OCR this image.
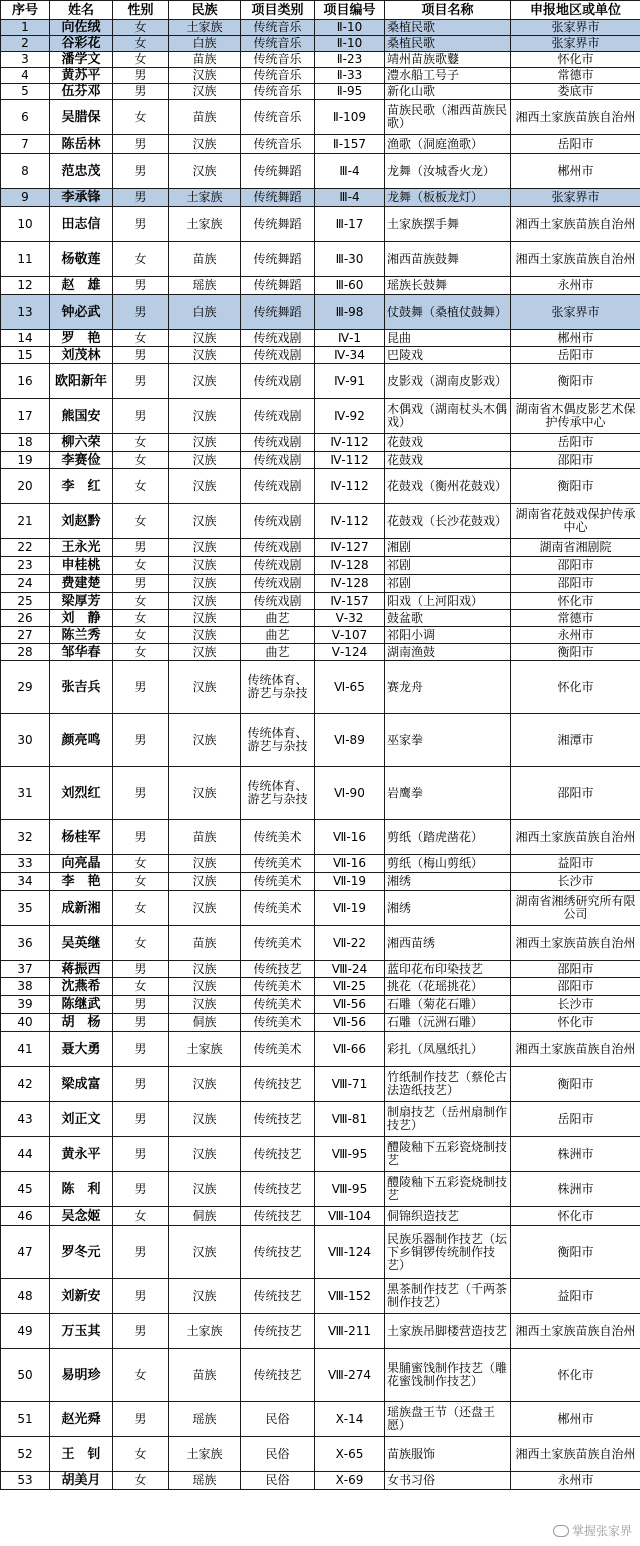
序号	姓名	性别	民族	项目类别	项目编号	项目名称	申报地区或单位
1	向佐绒	女	土家族	传统音乐	Ⅱ-10	桑植民歌	张家界市
2	谷彩花	女	白族	传统音乐	Ⅱ-10	桑植民歌	张家界市
3	潘学文	女	苗族	传统音乐	Ⅱ-23	靖州苗族歌鼟	怀化市
4	黄苏平	男	汉族	传统音乐	Ⅱ-33	澧水船工号子	常德市
5	伍芬邓	男	汉族	传统音乐	Ⅱ-95	新化山歌	娄底市
6	吴腊保	女	苗族	传统音乐	Ⅱ-109	苗族民歌（湘西苗族民歌）	湘西土家族苗族自治州
7	陈岳林	男	汉族	传统音乐	Ⅱ-157	渔歌（洞庭渔歌）	岳阳市
8	范忠茂	男	汉族	传统舞蹈	Ⅲ-4	龙舞（汝城香火龙）	郴州市
9	李承锋	男	土家族	传统舞蹈	Ⅲ-4	龙舞（板板龙灯）	张家界市
10	田志信	男	土家族	传统舞蹈	Ⅲ-17	土家族摆手舞	湘西土家族苗族自治州
11	杨敬莲	女	苗族	传统舞蹈	Ⅲ-30	湘西苗族鼓舞	湘西土家族苗族自治州
12	赵　雄	男	瑶族	传统舞蹈	Ⅲ-60	瑶族长鼓舞	永州市
13	钟必武	男	白族	传统舞蹈	Ⅲ-98	仗鼓舞（桑植仗鼓舞）	张家界市
14	罗　艳	女	汉族	传统戏剧	Ⅳ-1	昆曲	郴州市
15	刘茂林	男	汉族	传统戏剧	Ⅳ-34	巴陵戏	岳阳市
16	欧阳新年	男	汉族	传统戏剧	Ⅳ-91	皮影戏（湖南皮影戏）	衡阳市
17	熊国安	男	汉族	传统戏剧	Ⅳ-92	木偶戏（湖南杖头木偶戏）	湖南省木偶皮影艺术保护传承中心
18	柳六荣	女	汉族	传统戏剧	Ⅳ-112	花鼓戏	岳阳市
19	李赛俭	女	汉族	传统戏剧	Ⅳ-112	花鼓戏	邵阳市
20	李　红	女	汉族	传统戏剧	Ⅳ-112	花鼓戏（衡州花鼓戏）	衡阳市
21	刘赵黔	女	汉族	传统戏剧	Ⅳ-112	花鼓戏（长沙花鼓戏）	湖南省花鼓戏保护传承中心
22	王永光	男	汉族	传统戏剧	Ⅳ-127	湘剧	湖南省湘剧院
23	申桂桃	女	汉族	传统戏剧	Ⅳ-128	祁剧	邵阳市
24	费建楚	男	汉族	传统戏剧	Ⅳ-128	祁剧	邵阳市
25	梁厚芳	女	汉族	传统戏剧	Ⅳ-157	阳戏（上河阳戏）	怀化市
26	刘　静	女	汉族	曲艺	Ⅴ-32	鼓盆歌	常德市
27	陈兰秀	女	汉族	曲艺	Ⅴ-107	祁阳小调	永州市
28	邹华春	女	汉族	曲艺	Ⅴ-124	湖南渔鼓	衡阳市
29	张吉兵	男	汉族	传统体育、游艺与杂技	Ⅵ-65	赛龙舟	怀化市
30	颜亮鸣	男	汉族	传统体育、游艺与杂技	Ⅵ-89	巫家拳	湘潭市
31	刘烈红	男	汉族	传统体育、游艺与杂技	Ⅵ-90	岩鹰拳	邵阳市
32	杨桂军	男	苗族	传统美术	Ⅶ-16	剪纸（踏虎凿花）	湘西土家族苗族自治州
33	向亮晶	女	汉族	传统美术	Ⅶ-16	剪纸（梅山剪纸）	益阳市
34	李　艳	女	汉族	传统美术	Ⅶ-19	湘绣	长沙市
35	成新湘	女	汉族	传统美术	Ⅶ-19	湘绣	湖南省湘绣研究所有限公司
36	吴英继	女	苗族	传统美术	Ⅶ-22	湘西苗绣	湘西土家族苗族自治州
37	蒋振西	男	汉族	传统技艺	Ⅷ-24	蓝印花布印染技艺	邵阳市
38	沈燕希	女	汉族	传统美术	Ⅶ-25	挑花（花瑶挑花）	邵阳市
39	陈继武	男	汉族	传统美术	Ⅶ-56	石雕（菊花石雕）	长沙市
40	胡　杨	男	侗族	传统美术	Ⅶ-56	石雕（沅洲石雕）	怀化市
41	聂大勇	男	土家族	传统美术	Ⅶ-66	彩扎（凤凰纸扎）	湘西土家族苗族自治州
42	梁成富	男	汉族	传统技艺	Ⅷ-71	竹纸制作技艺（蔡伦古法造纸技艺）	衡阳市
43	刘正文	男	汉族	传统技艺	Ⅷ-81	制扇技艺（岳州扇制作技艺）	岳阳市
44	黄永平	男	汉族	传统技艺	Ⅷ-95	醴陵釉下五彩瓷烧制技艺	株洲市
45	陈　利	男	汉族	传统技艺	Ⅷ-95	醴陵釉下五彩瓷烧制技艺	株洲市
46	吴念姬	女	侗族	传统技艺	Ⅷ-104	侗锦织造技艺	怀化市
47	罗冬元	男	汉族	传统技艺	Ⅷ-124	民族乐器制作技艺（坛下乡铜锣传统制作技艺）	衡阳市
48	刘新安	男	汉族	传统技艺	Ⅷ-152	黑茶制作技艺（千两茶制作技艺）	益阳市
49	万玉其	男	土家族	传统技艺	Ⅷ-211	土家族吊脚楼营造技艺	湘西土家族苗族自治州
50	易明珍	女	苗族	传统技艺	Ⅷ-274	果脯蜜饯制作技艺（雕花蜜饯制作技艺）	怀化市
51	赵光舜	男	瑶族	民俗	Ⅹ-14	瑶族盘王节（还盘王愿）	郴州市
52	王　钊	女	土家族	民俗	Ⅹ-65	苗族服饰	湘西土家族苗族自治州
53	胡美月	女	瑶族	民俗	Ⅹ-69	女书习俗	永州市
掌握张家界
